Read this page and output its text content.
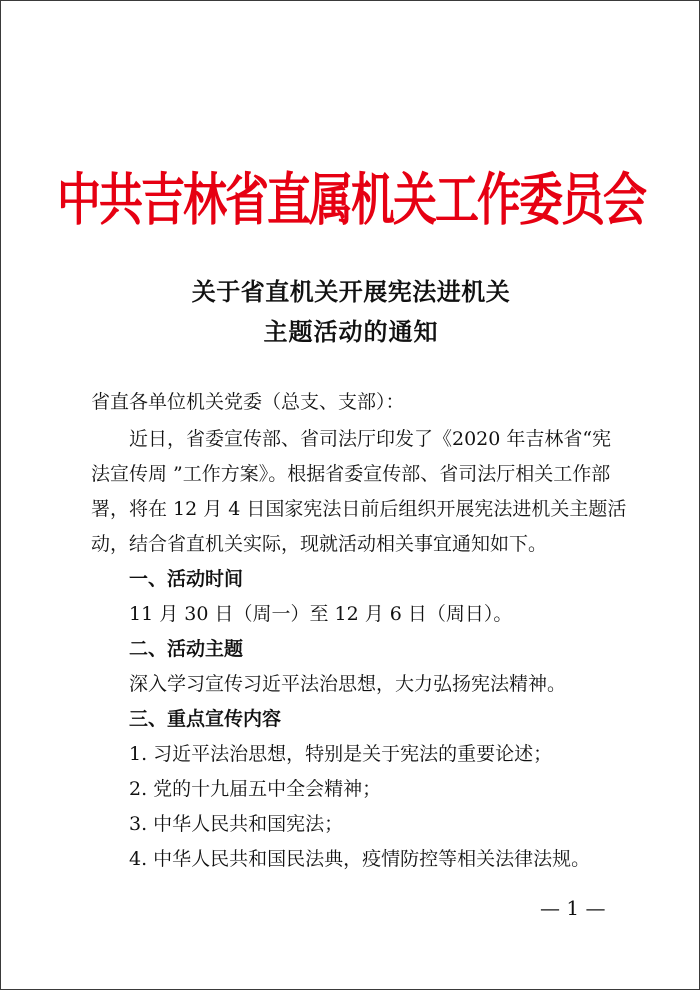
中共吉林省直属机关工作委员会
关于省直机关开展宪法进机关
主题活动的通知
省直各单位机关党委（总支、支部）：
近日，省委宣传部、省司法厅印发了《2020 年吉林省“宪
法宣传周 ”工作方案》。根据省委宣传部、省司法厅相关工作部
署，将在 12 月 4 日国家宪法日前后组织开展宪法进机关主题活
动，结合省直机关实际，现就活动相关事宜通知如下。
一、活动时间
11 月 30 日（周一）至 12 月 6 日（周日）。
二、活动主题
深入学习宣传习近平法治思想，大力弘扬宪法精神。
三、重点宣传内容
1. 习近平法治思想，特别是关于宪法的重要论述；
2. 党的十九届五中全会精神；
3. 中华人民共和国宪法；
4. 中华人民共和国民法典，疫情防控等相关法律法规。
— 1 —
